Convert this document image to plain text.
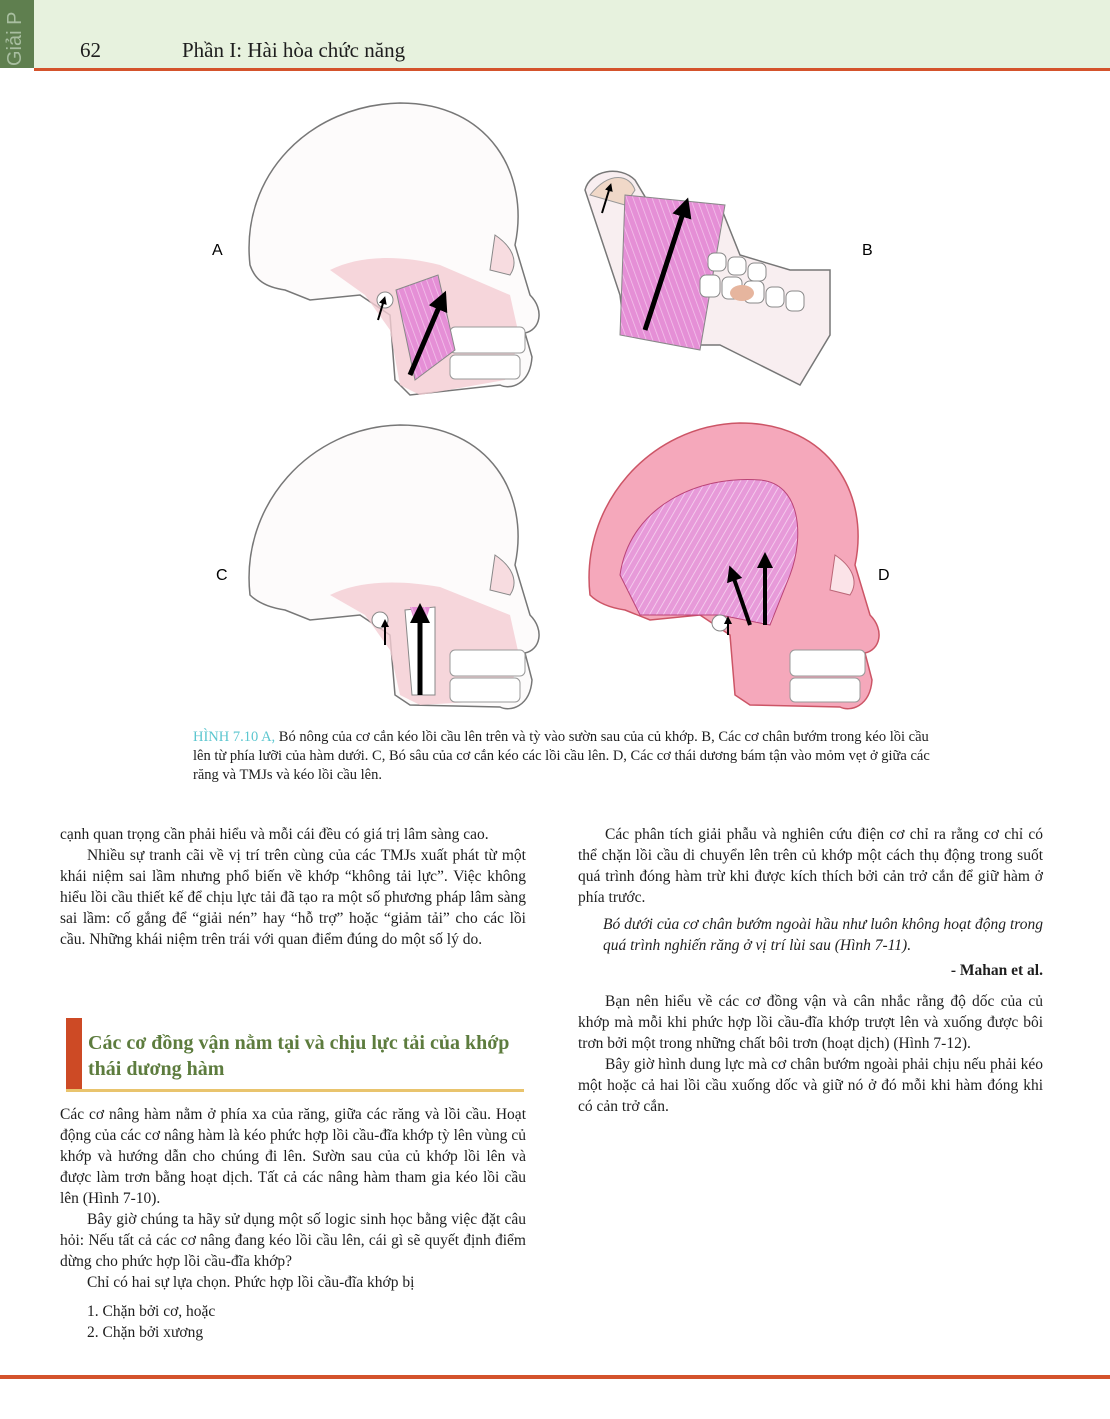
Giải P	62	Phần I: Hài hòa chức năng
A	B
C	D
HÌNH 7.10 A, Bó nông của cơ cắn kéo lồi cầu lên trên và tỳ vào sườn sau của củ khớp. B, Các cơ chân bướm trong kéo lồi cầu lên từ phía lưỡi của hàm dưới. C, Bó sâu của cơ cắn kéo các lồi cầu lên. D, Các cơ thái dương bám tận vào mỏm vẹt ở giữa các răng và TMJs và kéo lồi cầu lên.

cạnh quan trọng cần phải hiểu và mỗi cái đều có giá trị lâm sàng cao.

Nhiều sự tranh cãi về vị trí trên cùng của các TMJs xuất phát từ một khái niệm sai lầm nhưng phổ biến về khớp “không tải lực”. Việc không hiểu lồi cầu thiết kế để chịu lực tải đã tạo ra một số phương pháp lâm sàng sai lầm: cố gắng để “giải nén” hay “hỗ trợ” hoặc “giảm tải” cho các lồi cầu. Những khái niệm trên trái với quan điểm đúng do một số lý do.

Các cơ đồng vận nằm tại và chịu lực tải của khớp thái dương hàm

Các cơ nâng hàm nằm ở phía xa của răng, giữa các răng và lồi cầu. Hoạt động của các cơ nâng hàm là kéo phức hợp lồi cầu-đĩa khớp tỳ lên vùng củ khớp và hướng dẫn cho chúng đi lên. Sườn sau của củ khớp lồi lên và được làm trơn bằng hoạt dịch. Tất cả các nâng hàm tham gia kéo lồi cầu lên (Hình 7-10).

Bây giờ chúng ta hãy sử dụng một số logic sinh học bằng việc đặt câu hỏi: Nếu tất cả các cơ nâng đang kéo lồi cầu lên, cái gì sẽ quyết định điểm dừng cho phức hợp lồi cầu-đĩa khớp?

Chỉ có hai sự lựa chọn. Phức hợp lồi cầu-đĩa khớp bị

1. Chặn bởi cơ, hoặc
2. Chặn bởi xương

Các phân tích giải phẫu và nghiên cứu điện cơ chỉ ra rằng cơ chỉ có thể chặn lồi cầu di chuyển lên trên củ khớp một cách thụ động trong suốt quá trình đóng hàm trừ khi được kích thích bởi cản trở cắn để giữ hàm ở phía trước.

Bó dưới của cơ chân bướm ngoài hầu như luôn không hoạt động trong quá trình nghiến răng ở vị trí lùi sau (Hình 7-11).

- Mahan et al.

Bạn nên hiểu về các cơ đồng vận và cân nhắc rằng độ dốc của củ khớp mà mỗi khi phức hợp lồi cầu-đĩa khớp trượt lên và xuống được bôi trơn bởi một trong những chất bôi trơn (hoạt dịch) (Hình 7-12).

Bây giờ hình dung lực mà cơ chân bướm ngoài phải chịu nếu phải kéo một hoặc cả hai lồi cầu xuống dốc và giữ nó ở đó mỗi khi hàm đóng khi có cản trở cắn.
